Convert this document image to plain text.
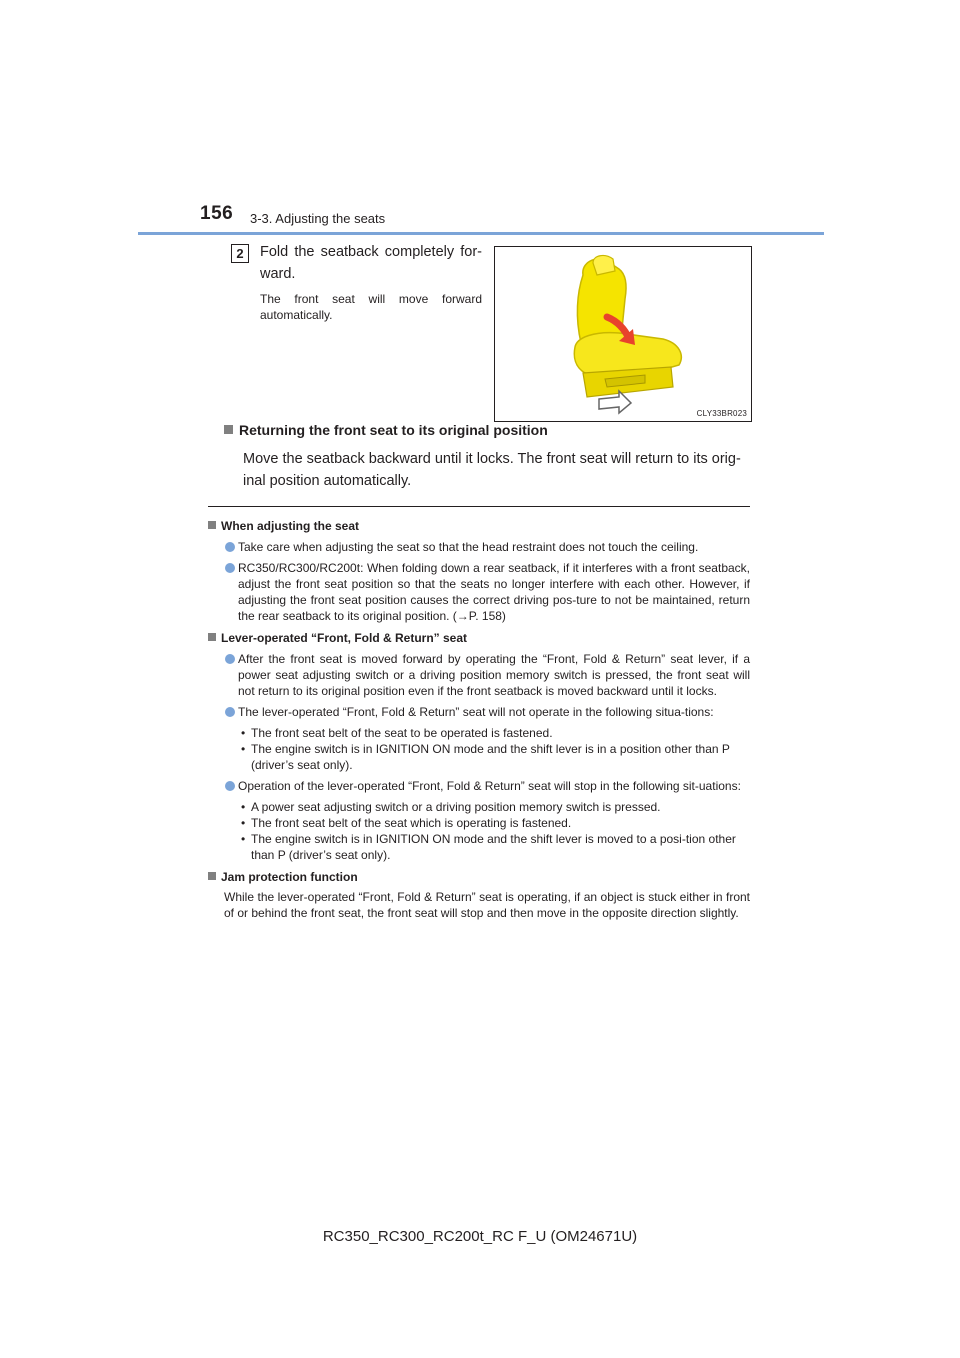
156 3-3. Adjusting the seats
2	Fold the seatback completely for-ward.
The front seat will move forward automatically.
CLY33BR023
Returning the front seat to its original position
Move the seatback backward until it locks. The front seat will return to its orig-inal position automatically.
When adjusting the seat
Take care when adjusting the seat so that the head restraint does not touch the ceiling.
RC350/RC300/RC200t: When folding down a rear seatback, if it interferes with a front seatback, adjust the front seat position so that the seats no longer interfere with each other. However, if adjusting the front seat position causes the correct driving pos-ture to not be maintained, return the rear seatback to its original position. (→P. 158)
Lever-operated “Front, Fold & Return” seat
After the front seat is moved forward by operating the “Front, Fold & Return” seat lever, if a power seat adjusting switch or a driving position memory switch is pressed, the front seat will not return to its original position even if the front seatback is moved backward until it locks.
The lever-operated “Front, Fold & Return” seat will not operate in the following situa-tions:
• The front seat belt of the seat to be operated is fastened.
• The engine switch is in IGNITION ON mode and the shift lever is in a position other than P (driver’s seat only).
Operation of the lever-operated “Front, Fold & Return” seat will stop in the following sit-uations:
• A power seat adjusting switch or a driving position memory switch is pressed.
• The front seat belt of the seat which is operating is fastened.
• The engine switch is in IGNITION ON mode and the shift lever is moved to a posi-tion other than P (driver’s seat only).
Jam protection function
While the lever-operated “Front, Fold & Return” seat is operating, if an object is stuck either in front of or behind the front seat, the front seat will stop and then move in the opposite direction slightly.
RC350_RC300_RC200t_RC F_U (OM24671U)
